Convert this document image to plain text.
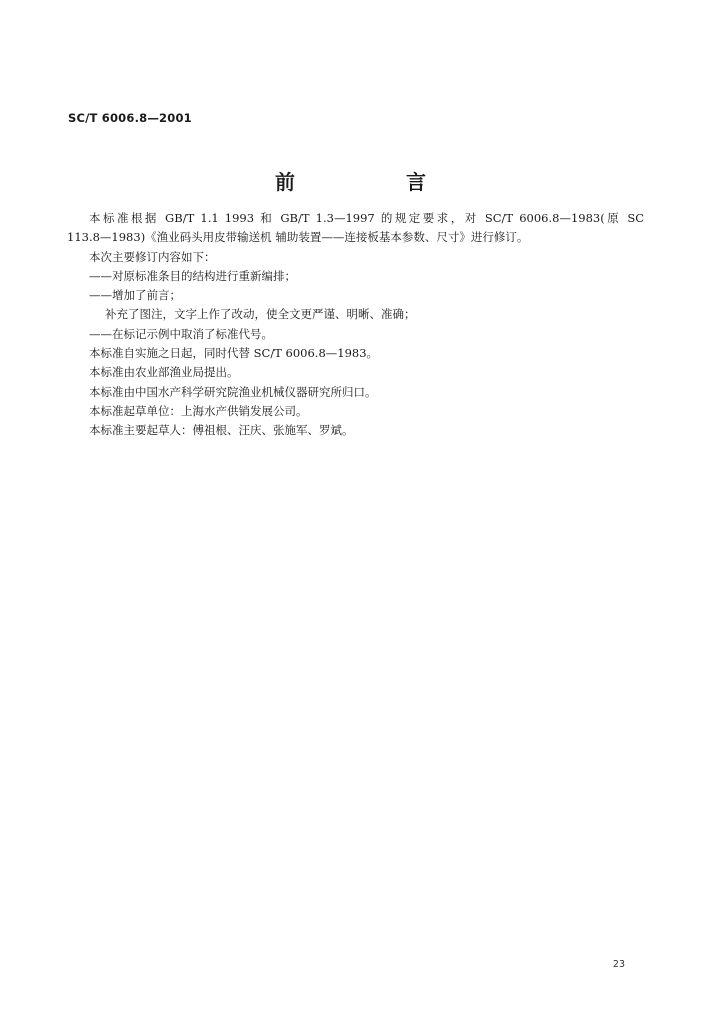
SC/T 6006.8—2001
前 言
本标准根据 GB/T 1.1 1993 和 GB/T 1.3—1997 的规定要求，对 SC/T 6006.8—1983(原 SC
113.8—1983)《渔业码头用皮带输送机 辅助装置——连接板基本参数、尺寸》进行修订。
本次主要修订内容如下：
——对原标准条目的结构进行重新编排；
——增加了前言；
补充了图注，文字上作了改动，使全文更严谨、明晰、准确；
——在标记示例中取消了标准代号。
本标准自实施之日起，同时代替 SC/T 6006.8—1983。
本标准由农业部渔业局提出。
本标准由中国水产科学研究院渔业机械仪器研究所归口。
本标准起草单位：上海水产供销发展公司。
本标准主要起草人：傅祖根、汪庆、张施军、罗斌。
23
